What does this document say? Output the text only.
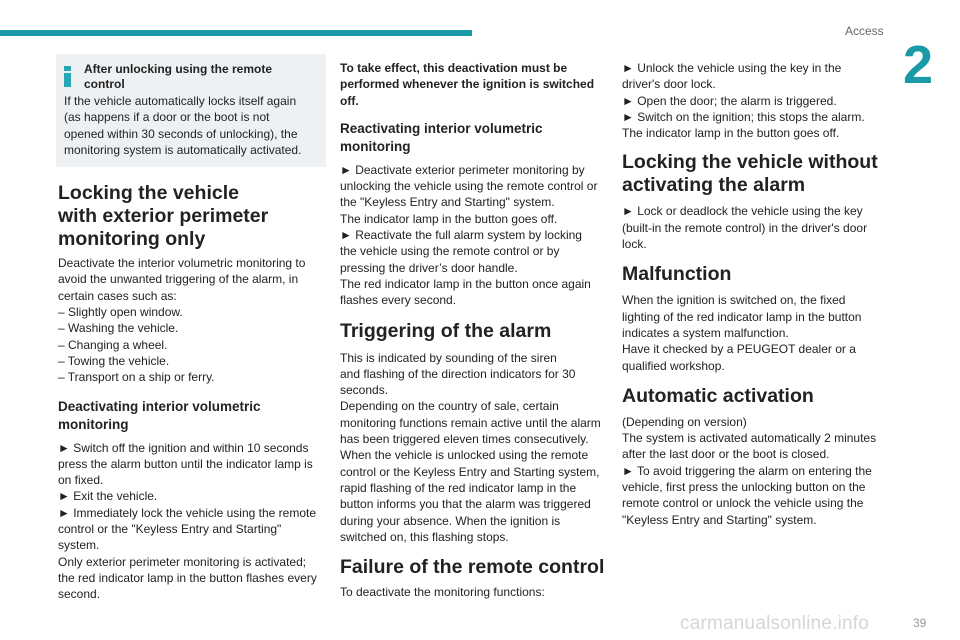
Access
2
After unlocking using the remote
control

If the vehicle automatically locks itself again
(as happens if a door or the boot is not
opened within 30 seconds of unlocking), the
monitoring system is automatically activated.

Locking the vehicle
with exterior perimeter
monitoring only

Deactivate the interior volumetric monitoring to
avoid the unwanted triggering of the alarm, in
certain cases such as:
– Slightly open window.
– Washing the vehicle.
– Changing a wheel.
– Towing the vehicle.
– Transport on a ship or ferry.

Deactivating interior volumetric
monitoring

► Switch off the ignition and within 10 seconds
press the alarm button until the indicator lamp is
on fixed.
► Exit the vehicle.
► Immediately lock the vehicle using the remote
control or the "Keyless Entry and Starting"
system.
Only exterior perimeter monitoring is activated;
the red indicator lamp in the button flashes every
second.

To take effect, this deactivation must be
performed whenever the ignition is switched
off.

Reactivating interior volumetric
monitoring

► Deactivate exterior perimeter monitoring by
unlocking the vehicle using the remote control or
the "Keyless Entry and Starting" system.
The indicator lamp in the button goes off.
► Reactivate the full alarm system by locking
the vehicle using the remote control or by
pressing the driver’s door handle.
The red indicator lamp in the button once again
flashes every second.

Triggering of the alarm

This is indicated by sounding of the siren
and flashing of the direction indicators for 30
seconds.
Depending on the country of sale, certain
monitoring functions remain active until the alarm
has been triggered eleven times consecutively.
When the vehicle is unlocked using the remote
control or the Keyless Entry and Starting system,
rapid flashing of the red indicator lamp in the
button informs you that the alarm was triggered
during your absence. When the ignition is
switched on, this flashing stops.

Failure of the remote control

To deactivate the monitoring functions:

► Unlock the vehicle using the key in the
driver's door lock.
► Open the door; the alarm is triggered.
► Switch on the ignition; this stops the alarm.
The indicator lamp in the button goes off.

Locking the vehicle without
activating the alarm

► Lock or deadlock the vehicle using the key
(built-in the remote control) in the driver's door
lock.

Malfunction

When the ignition is switched on, the fixed
lighting of the red indicator lamp in the button
indicates a system malfunction.
Have it checked by a PEUGEOT dealer or a
qualified workshop.

Automatic activation

(Depending on version)
The system is activated automatically 2 minutes
after the last door or the boot is closed.
► To avoid triggering the alarm on entering the
vehicle, first press the unlocking button on the
remote control or unlock the vehicle using the
"Keyless Entry and Starting" system.

carmanualsonline.info	39
